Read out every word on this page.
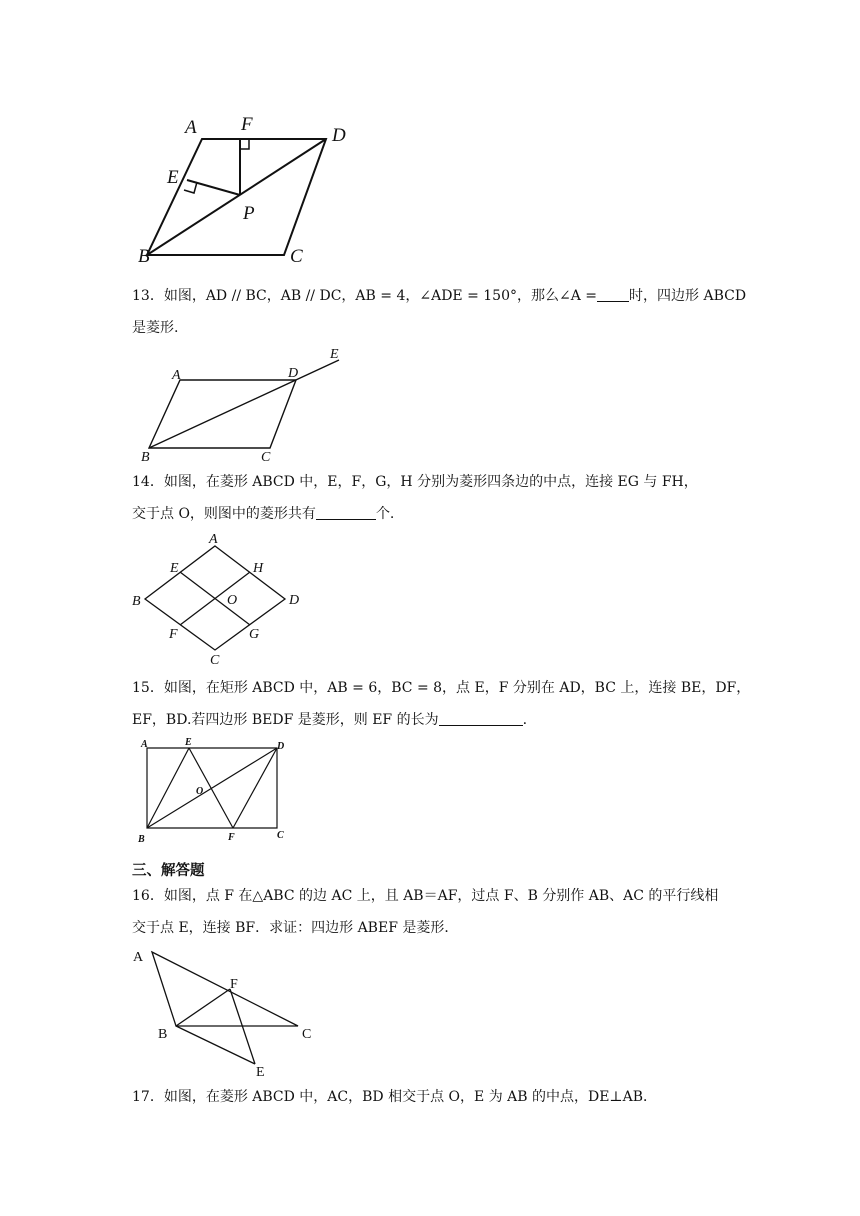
A F
D
E
P
B	C
13．如图，AD // BC，AB // DC，AB = 4，∠ADE = 150°，那么∠A = 时，四边形 ABCD
是菱形.
A	D
E
B	C
14．如图，在菱形 ABCD 中，E，F，G，H 分别为菱形四条边的中点，连接 EG 与 FH，
交于点 O，则图中的菱形共有	个.
A
E	H
B	O	D
F	G
C
15．如图，在矩形 ABCD 中，AB = 6，BC = 8，点 E，F 分别在 AD，BC 上，连接 BE，DF，
EF，BD.若四边形 BEDF 是菱形，则 EF 的长为	.
A	E	D
O
B	F	C
三、解答题
16．如图，点 F 在△ABC 的边 AC 上，且 AB＝AF，过点 F、B 分别作 AB、AC 的平行线相
交于点 E，连接 BF．求证：四边形 ABEF 是菱形．
A
F
B	C
E
17．如图，在菱形 ABCD 中，AC，BD 相交于点 O，E 为 AB 的中点，DE⊥AB．
